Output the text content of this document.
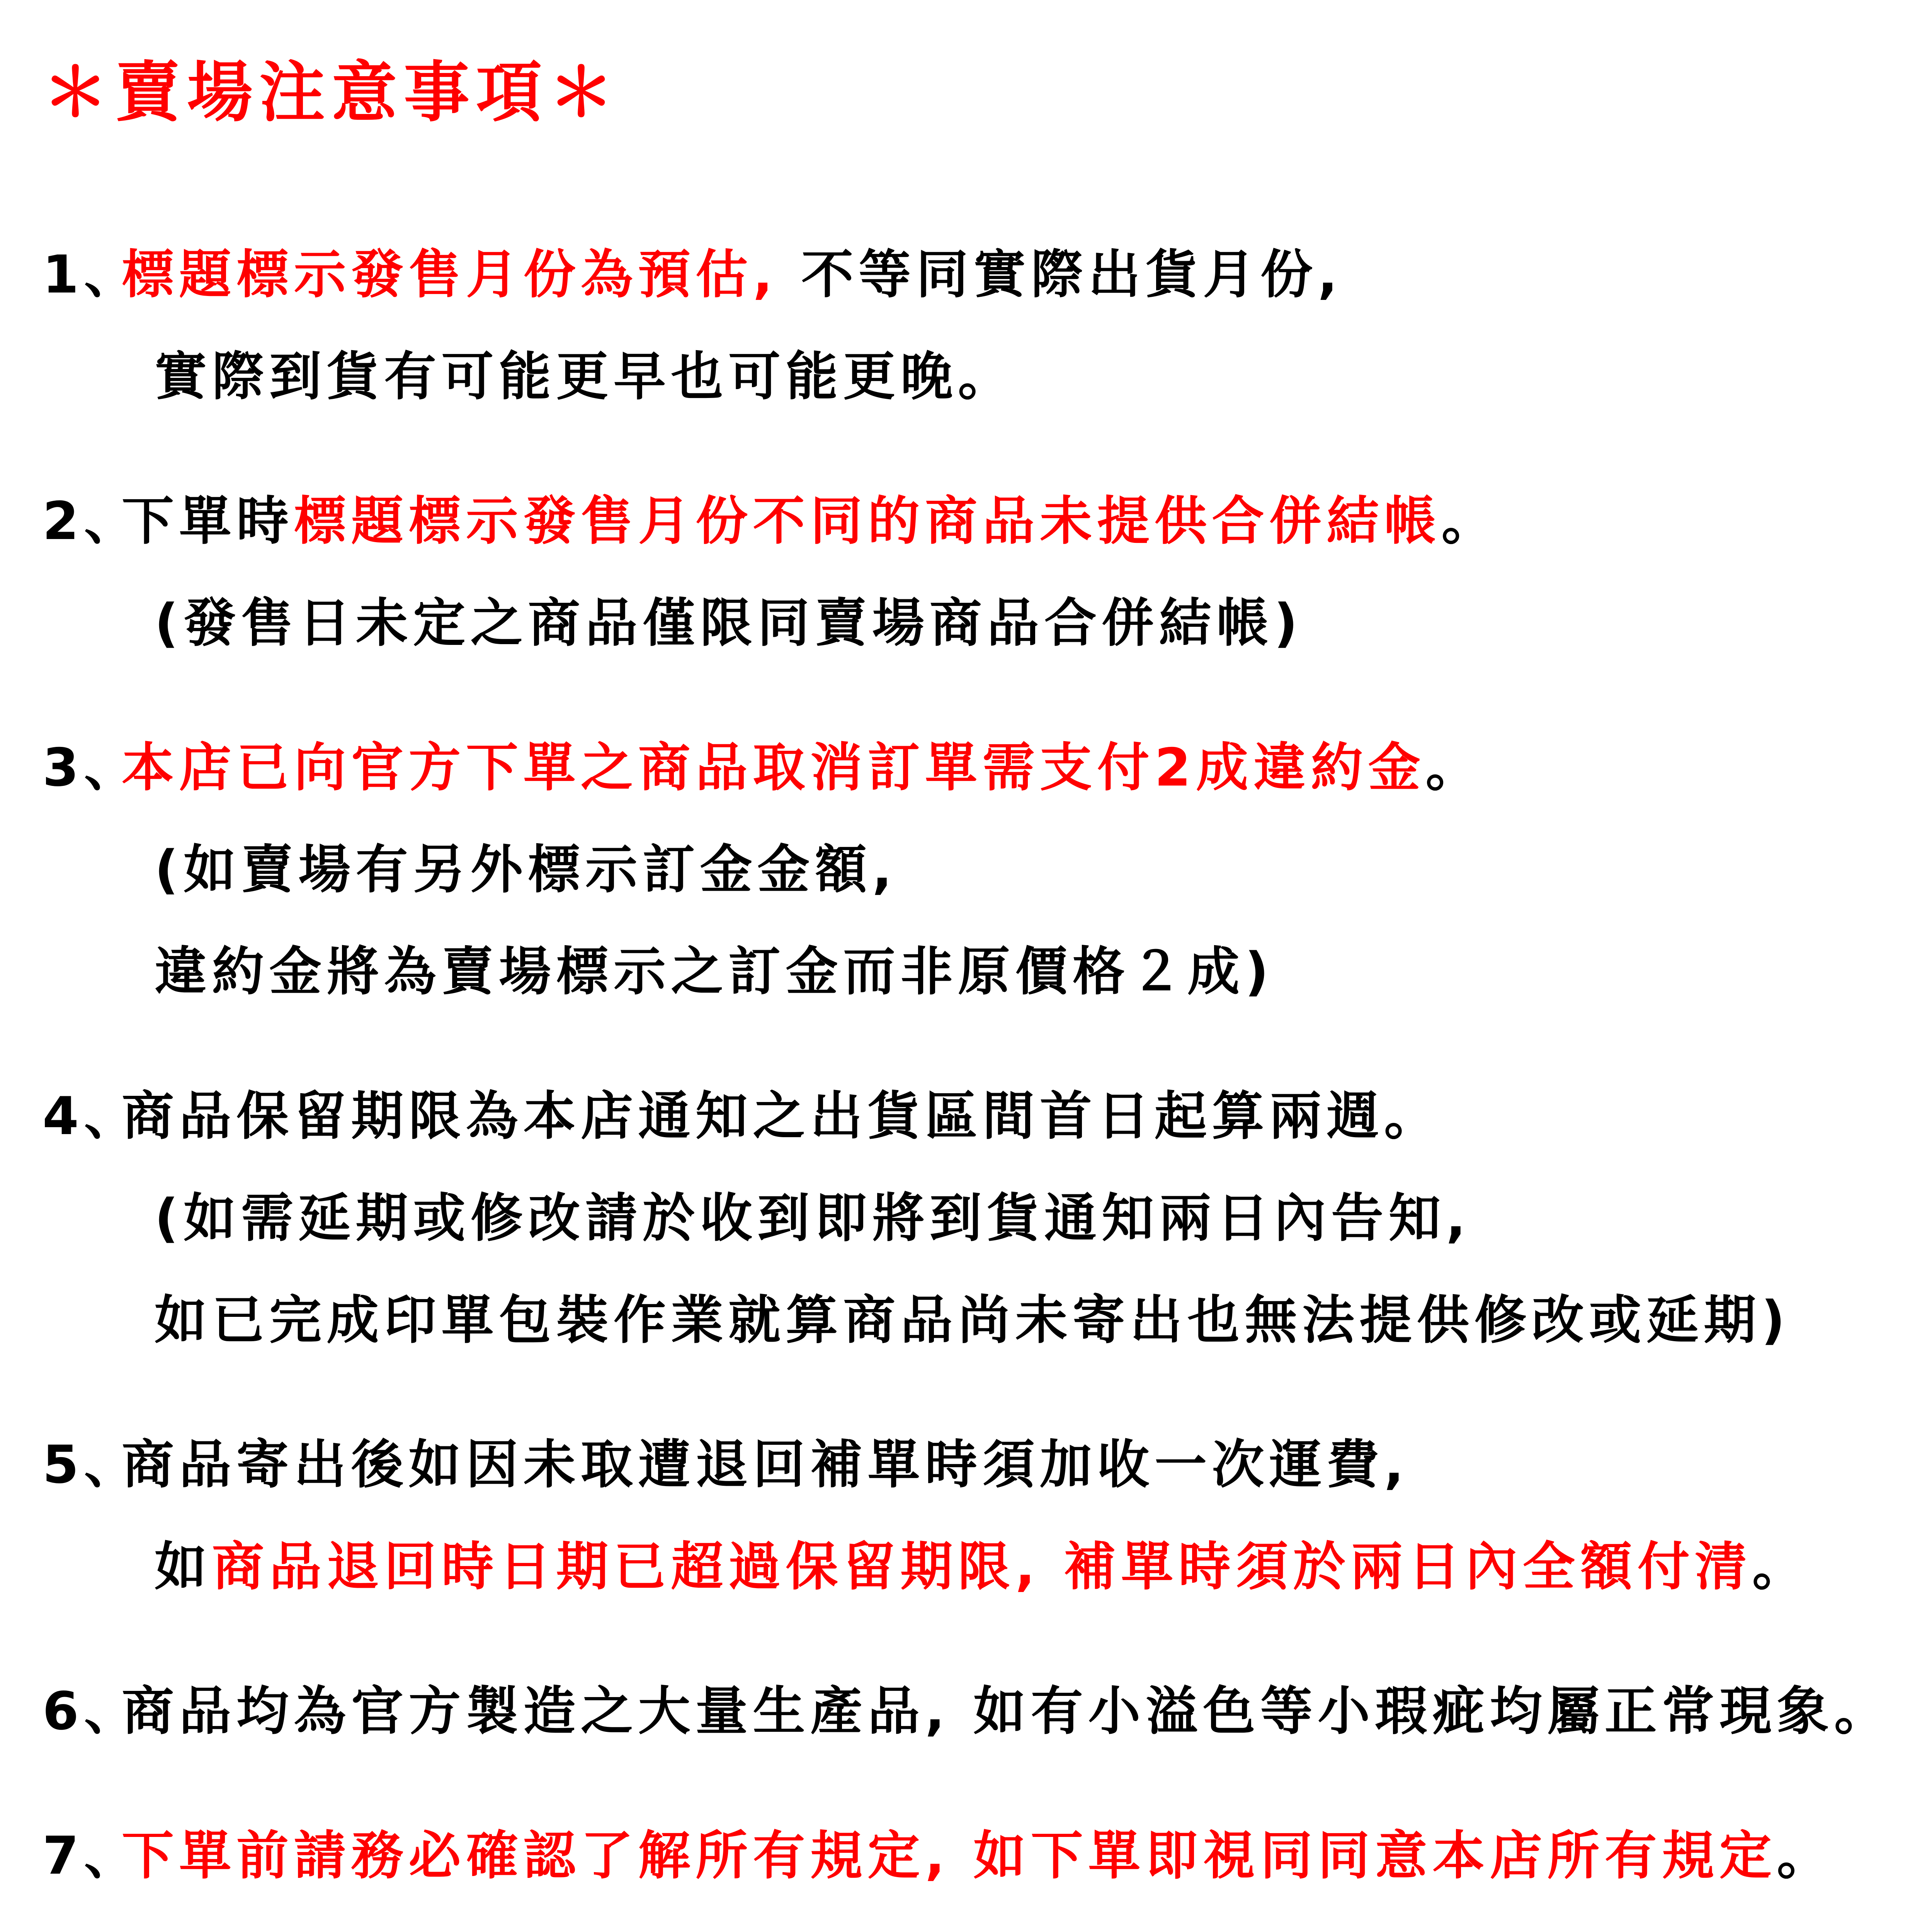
＊賣場注意事項＊
1、

標題標示發售月份為預估, 不等同實際出貨月份,

實際到貨有可能更早也可能更晚。

2、

下單時標題標示發售月份不同的商品未提供合併結帳。

(發售日未定之商品僅限同賣場商品合併結帳)

3、

本店已向官方下單之商品取消訂單需支付2成違約金。

(如賣場有另外標示訂金金額,

違約金將為賣場標示之訂金而非原價格２成)

4、

商品保留期限為本店通知之出貨區間首日起算兩週。

(如需延期或修改請於收到即將到貨通知兩日內告知,

如已完成印單包裝作業就算商品尚未寄出也無法提供修改或延期)

5、

商品寄出後如因未取遭退回補單時須加收一次運費,

如商品退回時日期已超過保留期限, 補單時須於兩日內全額付清。

6、

商品均為官方製造之大量生產品, 如有小溢色等小瑕疵均屬正常現象。

7、

下單前請務必確認了解所有規定, 如下單即視同同意本店所有規定。
